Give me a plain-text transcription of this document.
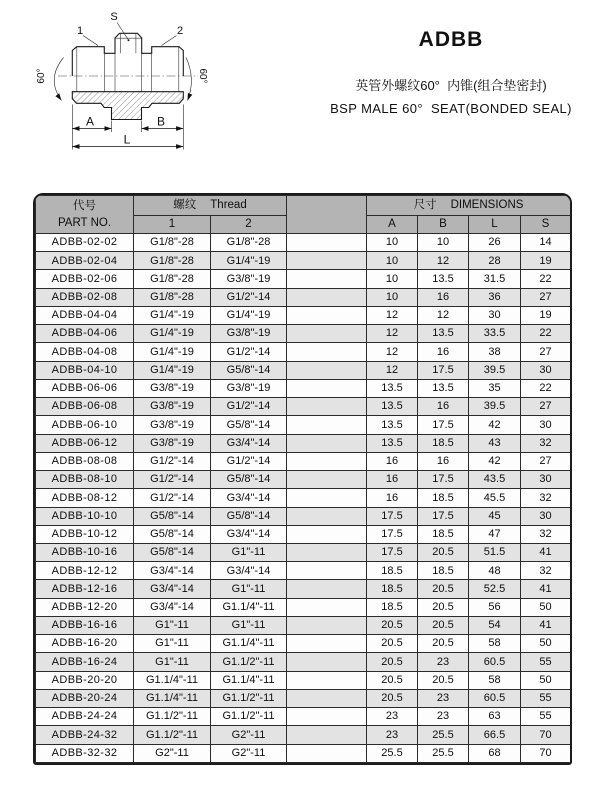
S
1	2
60°	60°
A	B
L
ADBB
英管外螺纹60°  内锥(组合垫密封)
BSP MALE 60°  SEAT(BONDED SEAL)
代号
PART NO.	螺纹 Thread			尺寸 DIMENSIONS			

	1	2		A	B	L	S
ADBB-02-02	G1/8"-28	G1/8"-28		10	10	26	14
ADBB-02-04	G1/8"-28	G1/4"-19		10	12	28	19
ADBB-02-06	G1/8"-28	G3/8"-19		10	13.5	31.5	22
ADBB-02-08	G1/8"-28	G1/2"-14		10	16	36	27
ADBB-04-04	G1/4"-19	G1/4"-19		12	12	30	19
ADBB-04-06	G1/4"-19	G3/8"-19		12	13.5	33.5	22
ADBB-04-08	G1/4"-19	G1/2"-14		12	16	38	27
ADBB-04-10	G1/4"-19	G5/8"-14		12	17.5	39.5	30
ADBB-06-06	G3/8"-19	G3/8"-19		13.5	13.5	35	22
ADBB-06-08	G3/8"-19	G1/2"-14		13.5	16	39.5	27
ADBB-06-10	G3/8"-19	G5/8"-14		13.5	17.5	42	30
ADBB-06-12	G3/8"-19	G3/4"-14		13.5	18.5	43	32
ADBB-08-08	G1/2"-14	G1/2"-14		16	16	42	27
ADBB-08-10	G1/2"-14	G5/8"-14		16	17.5	43.5	30
ADBB-08-12	G1/2"-14	G3/4"-14		16	18.5	45.5	32
ADBB-10-10	G5/8"-14	G5/8"-14		17.5	17.5	45	30
ADBB-10-12	G5/8"-14	G3/4"-14		17.5	18.5	47	32
ADBB-10-16	G5/8"-14	G1"-11		17.5	20.5	51.5	41
ADBB-12-12	G3/4"-14	G3/4"-14		18.5	18.5	48	32
ADBB-12-16	G3/4"-14	G1"-11		18.5	20.5	52.5	41
ADBB-12-20	G3/4"-14	G1.1/4"-11		18.5	20.5	56	50
ADBB-16-16	G1"-11	G1"-11		20.5	20.5	54	41
ADBB-16-20	G1"-11	G1.1/4"-11		20.5	20.5	58	50
ADBB-16-24	G1"-11	G1.1/2"-11		20.5	23	60.5	55
ADBB-20-20	G1.1/4"-11	G1.1/4"-11		20.5	20.5	58	50
ADBB-20-24	G1.1/4"-11	G1.1/2"-11		20.5	23	60.5	55
ADBB-24-24	G1.1/2"-11	G1.1/2"-11		23	23	63	55
ADBB-24-32	G1.1/2"-11	G2"-11		23	25.5	66.5	70
ADBB-32-32	G2"-11	G2"-11		25.5	25.5	68	70
